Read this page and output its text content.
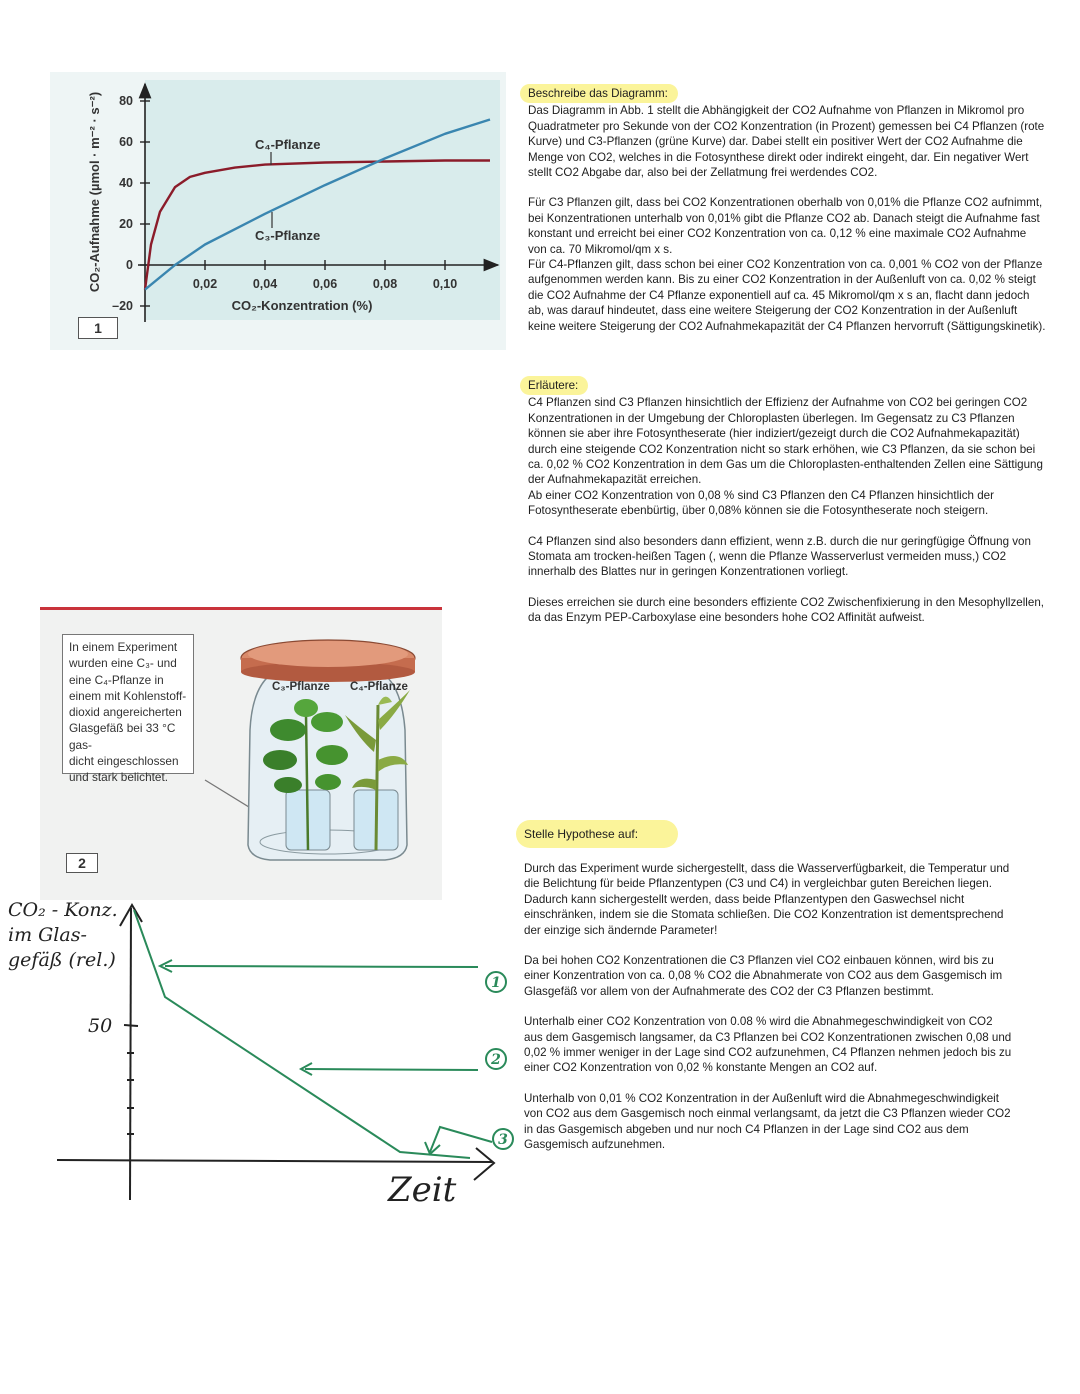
80
60
40
20
0
–20
0,02	0,04	0,06	0,08	0,10
CO₂-Konzentration (%)
CO₂-Aufnahme (µmol · m⁻² · s⁻²)	C₄-Pflanze
C₃-Pflanze
1
C₃-Pflanze C₄-Pflanze
In einem Experiment
wurden eine C₃- und
eine C₄-Pflanze in
einem mit Kohlenstoff-
dioxid angereicherten
Glasgefäß bei 33 °C gas-
dicht eingeschlossen
und stark belichtet.
2
CO₂ - Konz.
im Glas-
gefäß (rel.)
50
Zeit
1
2
3
Beschreibe das Diagramm:

Das Diagramm in Abb. 1 stellt die Abhängigkeit der CO2 Aufnahme von Pflanzen in Mikromol pro Quadratmeter pro Sekunde von der CO2 Konzentration (in Prozent) gemessen bei C4 Pflanzen (rote Kurve) und C3-Pflanzen (grüne Kurve) dar. Dabei stellt ein positiver Wert der CO2 Aufnahme die Menge von CO2, welches in die Fotosynthese direkt oder indirekt eingeht, dar. Ein negativer Wert stellt CO2 Abgabe dar, also bei der Zellatmung frei werdendes CO2.

Für C3 Pflanzen gilt, dass bei CO2 Konzentrationen oberhalb von 0,01% die Pflanze CO2 aufnimmt, bei Konzentrationen unterhalb von 0,01% gibt die Pflanze CO2 ab. Danach steigt die Aufnahme fast konstant und erreicht bei einer CO2 Konzentration von ca. 0,12 % eine maximale CO2 Aufnahme von ca. 70 Mikromol/qm x s.

Für C4-Pflanzen gilt, dass schon bei einer CO2 Konzentration von ca. 0,001 % CO2 von der Pflanze aufgenommen werden kann. Bis zu einer CO2 Konzentration in der Außenluft von ca. 0,02 % steigt die CO2 Aufnahme der C4 Pflanze exponentiell auf ca. 45 Mikromol/qm x s an, flacht dann jedoch ab, was darauf hindeutet, dass eine weitere Steigerung der CO2 Konzentration in der Außenluft keine weitere Steigerung der CO2 Aufnahmekapazität der C4 Pflanzen hervorruft (Sättigungskinetik).

Erläutere:

C4 Pflanzen sind C3 Pflanzen hinsichtlich der Effizienz der Aufnahme von CO2 bei geringen CO2 Konzentrationen in der Umgebung der Chloroplasten überlegen. Im Gegensatz zu C3 Pflanzen können sie aber ihre Fotosyntheserate (hier indiziert/gezeigt durch die CO2 Aufnahmekapazität) durch eine steigende CO2 Konzentration nicht so stark erhöhen, wie C3 Pflanzen, da sie schon bei ca. 0,02 % CO2 Konzentration in dem Gas um die Chloroplasten-enthaltenden Zellen eine Sättigung der Aufnahmekapazität erreichen.

Ab einer CO2 Konzentration von 0,08 % sind C3 Pflanzen den C4 Pflanzen hinsichtlich der Fotosyntheserate ebenbürtig, über 0,08% können sie die Fotosyntheserate noch steigern.

C4 Pflanzen sind also besonders dann effizient, wenn z.B. durch die nur geringfügige Öffnung von Stomata am trocken-heißen Tagen (, wenn die Pflanze Wasserverlust vermeiden muss,) CO2 innerhalb des Blattes nur in geringen Konzentrationen vorliegt.

Dieses erreichen sie durch eine besonders effiziente CO2 Zwischenfixierung in den Mesophyllzellen, da das Enzym PEP-Carboxylase eine besonders hohe CO2 Affinität aufweist.

Stelle Hypothese auf:

Durch das Experiment wurde sichergestellt, dass die Wasserverfügbarkeit, die Temperatur und die Belichtung für beide Pflanzentypen (C3 und C4) in vergleichbar guten Bereichen liegen. Dadurch kann sichergestellt werden, dass beide Pflanzentypen den Gaswechsel nicht einschränken, indem sie die Stomata schließen. Die CO2 Konzentration ist dementsprechend der einzige sich ändernde Parameter!

Da bei hohen CO2 Konzentrationen die C3 Pflanzen viel CO2 einbauen können, wird bis zu einer Konzentration von ca. 0,08 % CO2 die Abnahmerate von CO2 aus dem Gasgemisch im Glasgefäß vor allem von der Aufnahmerate des CO2 der C3 Pflanzen bestimmt.

Unterhalb einer CO2 Konzentration von 0.08 % wird die Abnahmegeschwindigkeit von CO2 aus dem Gasgemisch langsamer, da C3 Pflanzen bei CO2 Konzentrationen zwischen 0,08 und 0,02 % immer weniger in der Lage sind CO2 aufzunehmen, C4 Pflanzen nehmen jedoch bis zu einer CO2 Konzentration von 0,02 % konstante Mengen an CO2 auf.

Unterhalb von 0,01 % CO2 Konzentration in der Außenluft wird die Abnahmegeschwindigkeit von CO2 aus dem Gasgemisch noch einmal verlangsamt, da jetzt die C3 Pflanzen wieder CO2 in das Gasgemisch abgeben und nur noch C4 Pflanzen in der Lage sind CO2 aus dem Gasgemisch aufzunehmen.
